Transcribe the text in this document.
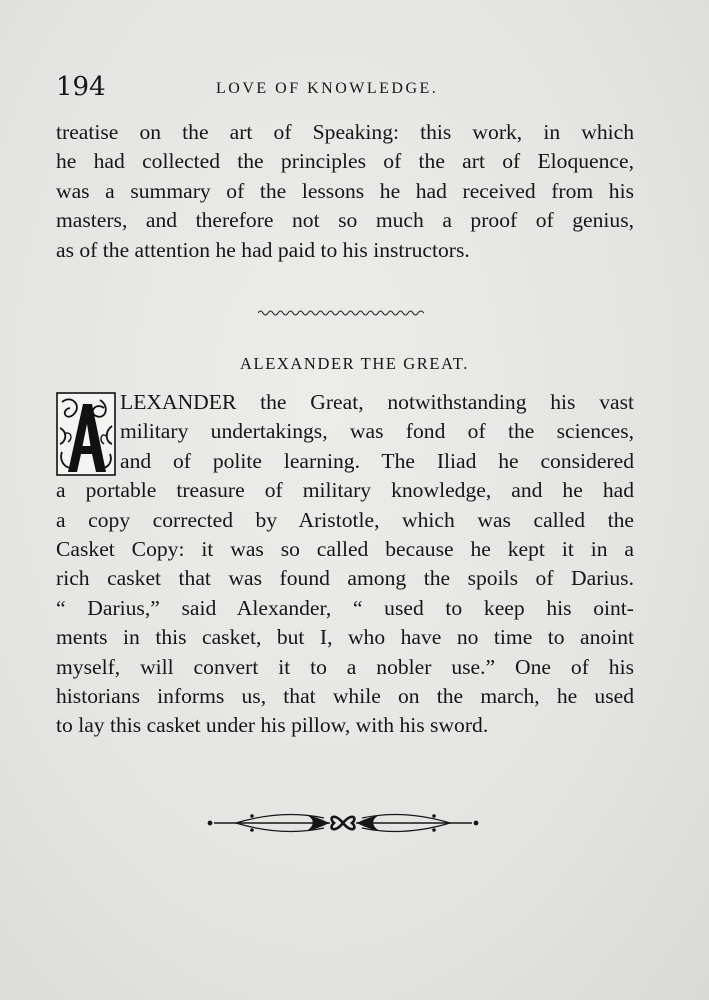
194	LOVE OF KNOWLEDGE.
treatise on the art of Speaking: this work, in which
he had collected the principles of the art of Eloquence,
was a summary of the lessons he had received from his
masters, and therefore not so much a proof of genius,
as of the attention he had paid to his instructors.
ALEXANDER THE GREAT.
LEXANDER the Great, notwithstanding his vast
military undertakings, was fond of the sciences,
and of polite learning. The Iliad he considered
a portable treasure of military knowledge, and he had
a copy corrected by Aristotle, which was called the
Casket Copy: it was so called because he kept it in a
rich casket that was found among the spoils of Darius.
“ Darius,” said Alexander, “ used to keep his oint-
ments in this casket, but I, who have no time to anoint
myself, will convert it to a nobler use.” One of his
historians informs us, that while on the march, he used
to lay this casket under his pillow, with his sword.
